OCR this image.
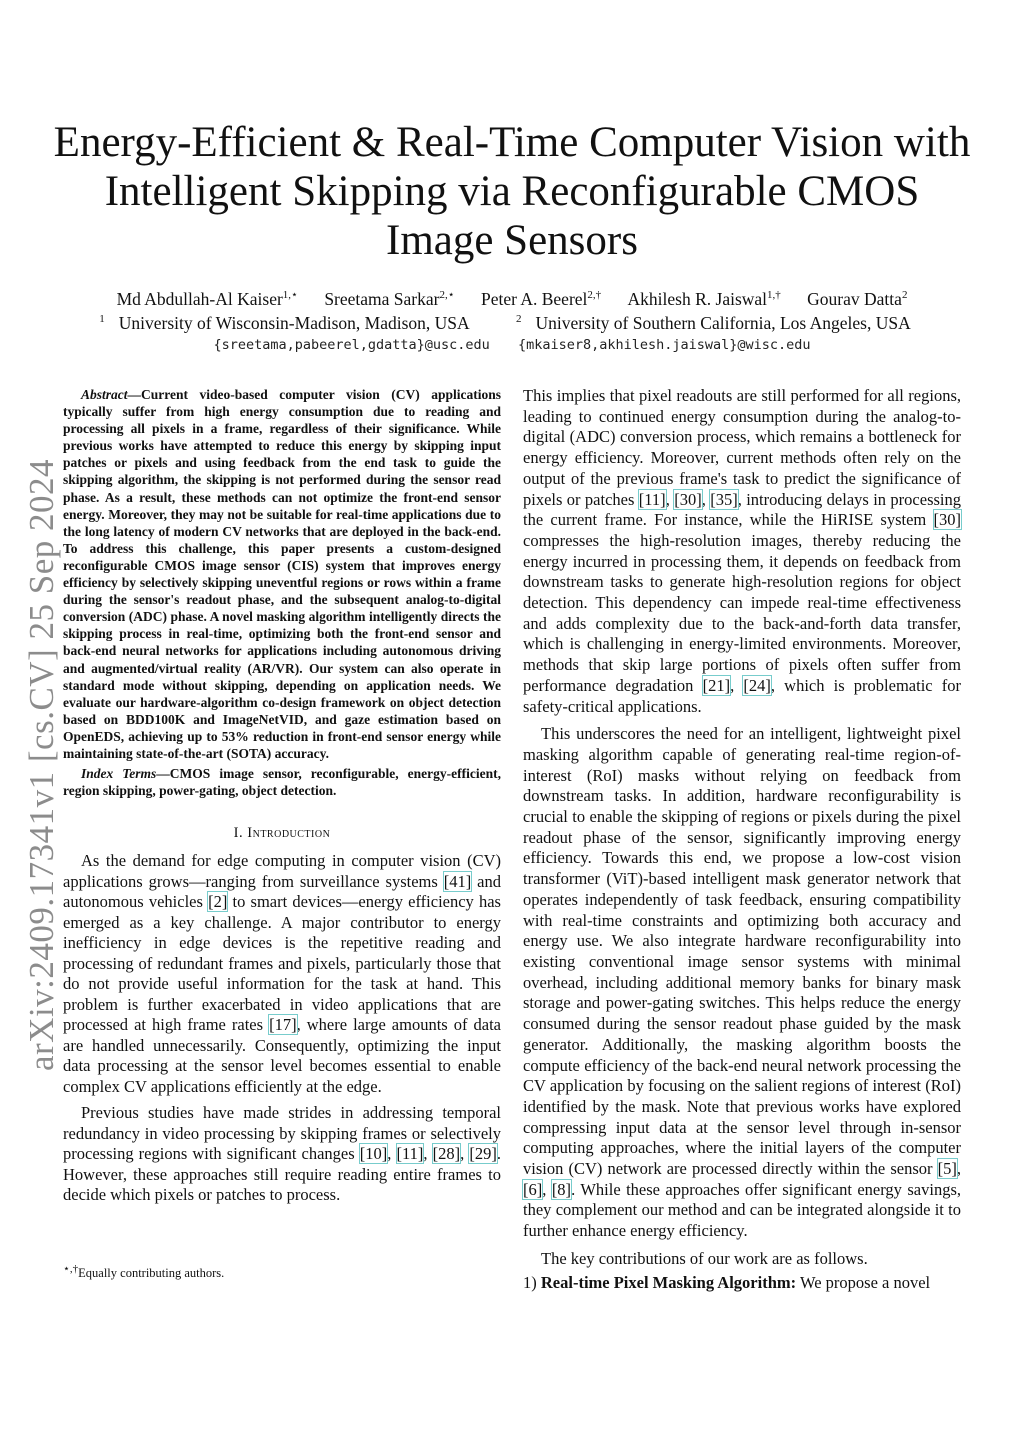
arXiv:2409.17341v1 [cs.CV] 25 Sep 2024
Energy-Efficient & Real-Time Computer Vision with Intelligent Skipping via Reconfigurable CMOS Image Sensors
Md Abdullah-Al Kaiser$^{1,⋆}$ Sreetama Sarkar$^{2,⋆}$ Peter A. Beerel$^{2,\dagger}$ Akhilesh R. Jaiswal$^{1,\dagger}$ Gourav Datta$^2$
$^1$ University of Wisconsin-Madison, Madison, USA	$^2$ University of Southern California, Los Angeles, USA
{sreetama,pabeerel,gdatta}@usc.edu {mkaiser8,akhilesh.jaiswal}@wisc.edu

Abstract—Current video-based computer vision (CV) applications typically suffer from high energy consumption due to reading and processing all pixels in a frame, regardless of their significance. While previous works have attempted to reduce this energy by skipping input patches or pixels and using feedback from the end task to guide the skipping algorithm, the skipping is not performed during the sensor read phase. As a result, these methods can not optimize the front-end sensor energy. Moreover, they may not be suitable for real-time applications due to the long latency of modern CV networks that are deployed in the back-end. To address this challenge, this paper presents a custom-designed reconfigurable CMOS image sensor (CIS) system that improves energy efficiency by selectively skipping uneventful regions or rows within a frame during the sensor's readout phase, and the subsequent analog-to-digital conversion (ADC) phase. A novel masking algorithm intelligently directs the skipping process in real-time, optimizing both the front-end sensor and back-end neural networks for applications including autonomous driving and augmented/virtual reality (AR/VR). Our system can also operate in standard mode without skipping, depending on application needs. We evaluate our hardware-algorithm co-design framework on object detection based on BDD100K and ImageNetVID, and gaze estimation based on OpenEDS, achieving up to 53% reduction in front-end sensor energy while maintaining state-of-the-art (SOTA) accuracy.

Index Terms—CMOS image sensor, reconfigurable, energy-efficient, region skipping, power-gating, object detection.

I. Introduction

As the demand for edge computing in computer vision (CV) applications grows—ranging from surveillance systems [41] and autonomous vehicles [2] to smart devices—energy efficiency has emerged as a key challenge. A major contributor to energy inefficiency in edge devices is the repetitive reading and processing of redundant frames and pixels, particularly those that do not provide useful information for the task at hand. This problem is further exacerbated in video applications that are processed at high frame rates [17], where large amounts of data are handled unnecessarily. Consequently, optimizing the input data processing at the sensor level becomes essential to enable complex CV applications efficiently at the edge.

Previous studies have made strides in addressing temporal redundancy in video processing by skipping frames or selectively processing regions with significant changes [10], [11], [28], [29]. However, these approaches still require reading entire frames to decide which pixels or patches to process.

⋆,†Equally contributing authors.

This implies that pixel readouts are still performed for all regions, leading to continued energy consumption during the analog-to-digital (ADC) conversion process, which remains a bottleneck for energy efficiency. Moreover, current methods often rely on the output of the previous frame's task to predict the significance of pixels or patches [11], [30], [35], introducing delays in processing the current frame. For instance, while the HiRISE system [30] compresses the high-resolution images, thereby reducing the energy incurred in processing them, it depends on feedback from downstream tasks to generate high-resolution regions for object detection. This dependency can impede real-time effectiveness and adds complexity due to the back-and-forth data transfer, which is challenging in energy-limited environments. Moreover, methods that skip large portions of pixels often suffer from performance degradation [21], [24], which is problematic for safety-critical applications.

This underscores the need for an intelligent, lightweight pixel masking algorithm capable of generating real-time region-of-interest (RoI) masks without relying on feedback from downstream tasks. In addition, hardware reconfigurability is crucial to enable the skipping of regions or pixels during the pixel readout phase of the sensor, significantly improving energy efficiency. Towards this end, we propose a low-cost vision transformer (ViT)-based intelligent mask generator network that operates independently of task feedback, ensuring compatibility with real-time constraints and optimizing both accuracy and energy use. We also integrate hardware reconfigurability into existing conventional image sensor systems with minimal overhead, including additional memory banks for binary mask storage and power-gating switches. This helps reduce the energy consumed during the sensor readout phase guided by the mask generator. Additionally, the masking algorithm boosts the compute efficiency of the back-end neural network processing the CV application by focusing on the salient regions of interest (RoI) identified by the mask. Note that previous works have explored compressing input data at the sensor level through in-sensor computing approaches, where the initial layers of the computer vision (CV) network are processed directly within the sensor [5], [6], [8]. While these approaches offer significant energy savings, they complement our method and can be integrated alongside it to further enhance energy efficiency.

The key contributions of our work are as follows.

1) Real-time Pixel Masking Algorithm: We propose a novel
